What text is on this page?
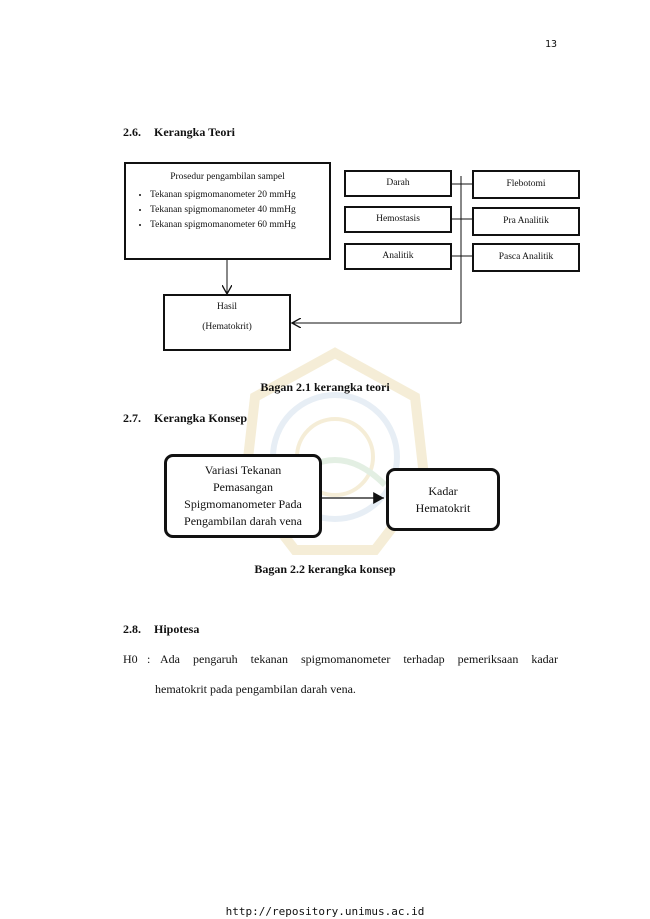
13
2.6. Kerangka Teori
Prosedur pengambilan sampel
• Tekanan spigmomanometer 20 mmHg
• Tekanan spigmomanometer 40 mmHg
• Tekanan spigmomanometer 60 mmHg
Darah
Hemostasis
Analitik
Flebotomi
Pra Analitik
Pasca Analitik
Hasil
(Hematokrit)
Bagan 2.1 kerangka teori
2.7. Kerangka Konsep
Variasi Tekanan
Pemasangan
Spigmomanometer Pada
Pengambilan darah vena
Kadar
Hematokrit
Bagan 2.2 kerangka konsep
2.8. Hipotesa
H0 : Ada pengaruh tekanan spigmomanometer terhadap pemeriksaan kadar
hematokrit pada pengambilan darah vena.
http://repository.unimus.ac.id
